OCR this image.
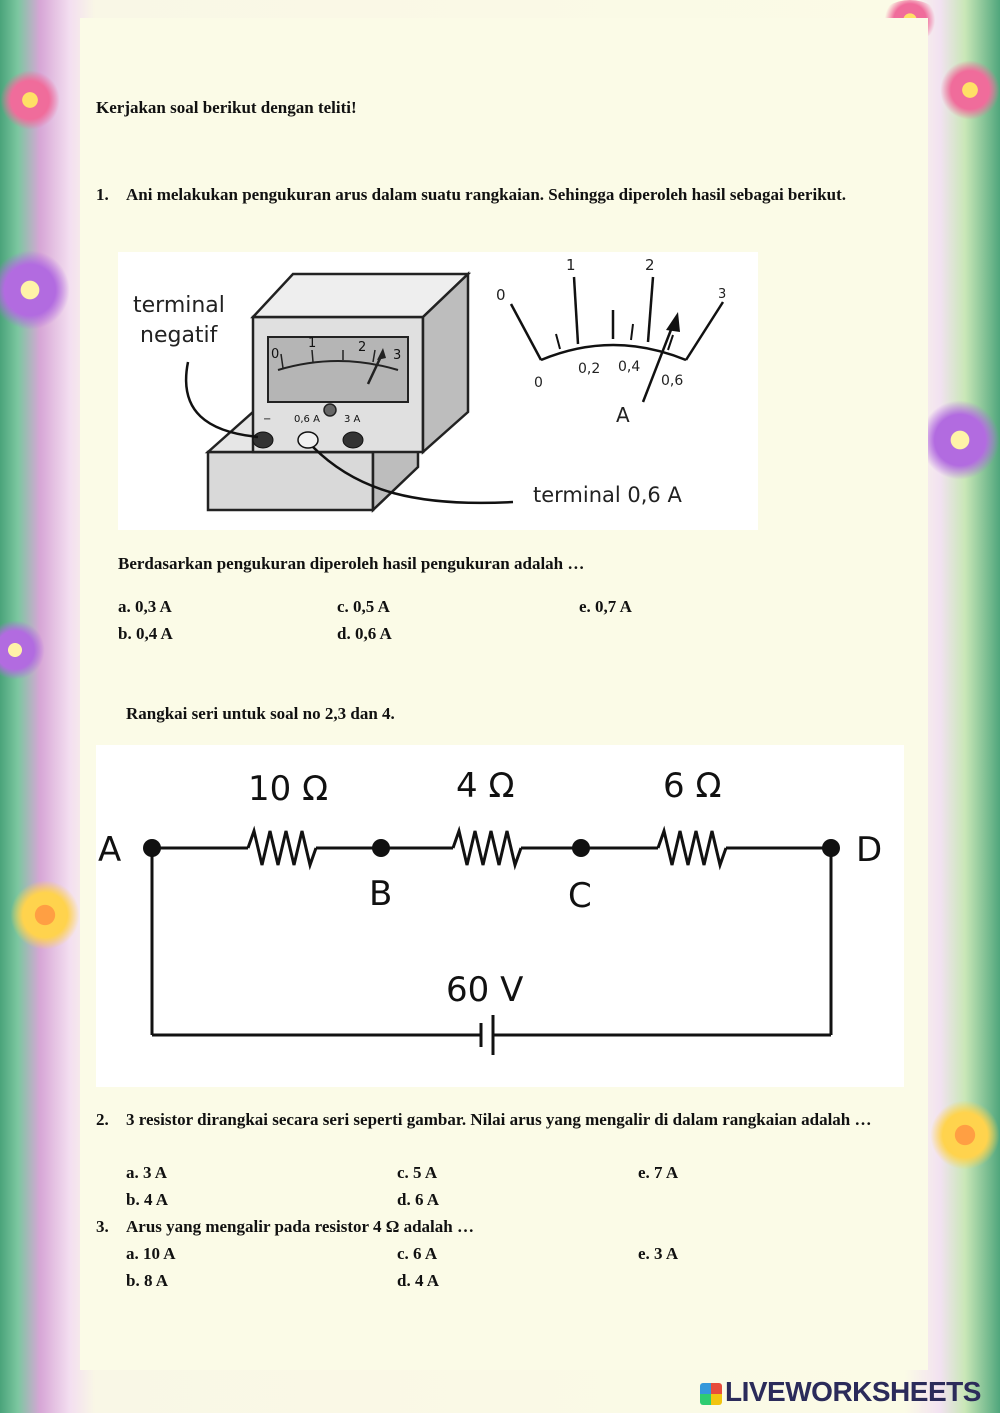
Kerjakan soal berikut dengan teliti!
1. Ani melakukan pengukuran arus dalam suatu rangkaian. Sehingga diperoleh hasil sebagai berikut.
0
1	2
3
− 0,6 A 3 A
terminal
negatif
terminal 0,6 A
0
1	2
3
0
0,2 0,4
0,6
A
Berdasarkan pengukuran diperoleh hasil pengukuran adalah …
a. 0,3 A	c. 0,5 A	e. 0,7 A
b. 0,4 A	d. 0,6 A
Rangkai seri untuk soal no 2,3 dan 4.
10 Ω	4 Ω	6 Ω
A
B	C
D
60 V
2. 3 resistor dirangkai secara seri seperti gambar. Nilai arus yang mengalir di dalam rangkaian adalah …
a. 3 A	c. 5 A	e. 7 A
b. 4 A	d. 6 A
3. Arus yang mengalir pada resistor 4 Ω adalah …
a. 10 A	c. 6 A	e. 3 A
b. 8 A	d. 4 A
LIVEWORKSHEETS
